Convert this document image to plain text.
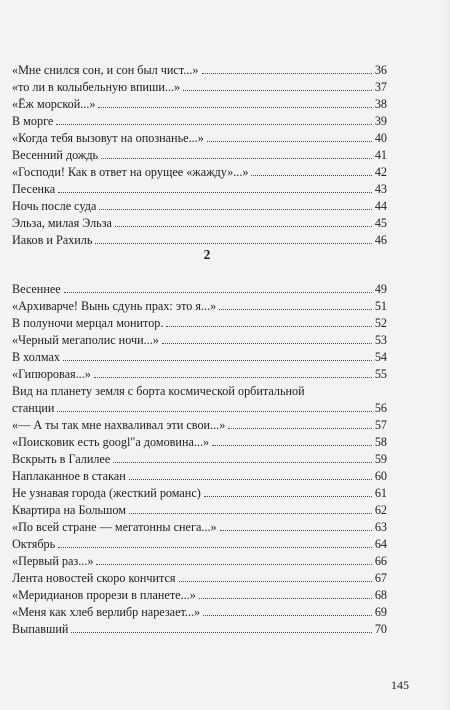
«Мне снился сон, и сон был чист...»	36
«то ли в колыбельную впиши...»	37
«Ёж морской...»	38
В морге	39
«Когда тебя вызовут на опознанье...»	40
Весенний дождь	41
«Господи! Как в ответ на орущее «жажду»...»	42
Песенка	43
Ночь после суда	44
Эльза, милая Эльза	45
Иаков и Рахиль	46
2
Весеннее	49
«Архиварче! Вынь сдунь прах: это я...»	51
В полуночи мерцал монитор.	52
«Черный мегаполис ночи...»	53
В холмах	54
«Гипюровая...»	55
Вид на планету земля с борта космической орбитальной
станции	56
«— А ты так мне нахваливал эти свои...»	57
«Поисковик есть googl"а домовина...»	58
Вскрыть в Галилее	59
Наплаканное в стакан	60
Не узнавая города (жесткий романс)	61
Квартира на Большом	62
«По всей стране — мегатонны снега...»	63
Октябрь	64
«Первый раз...»	66
Лента новостей скоро кончится	67
«Меридианов прорези в планете...»	68
«Меня как хлеб верлибр нарезает...»	69
Выпавший	70
145
